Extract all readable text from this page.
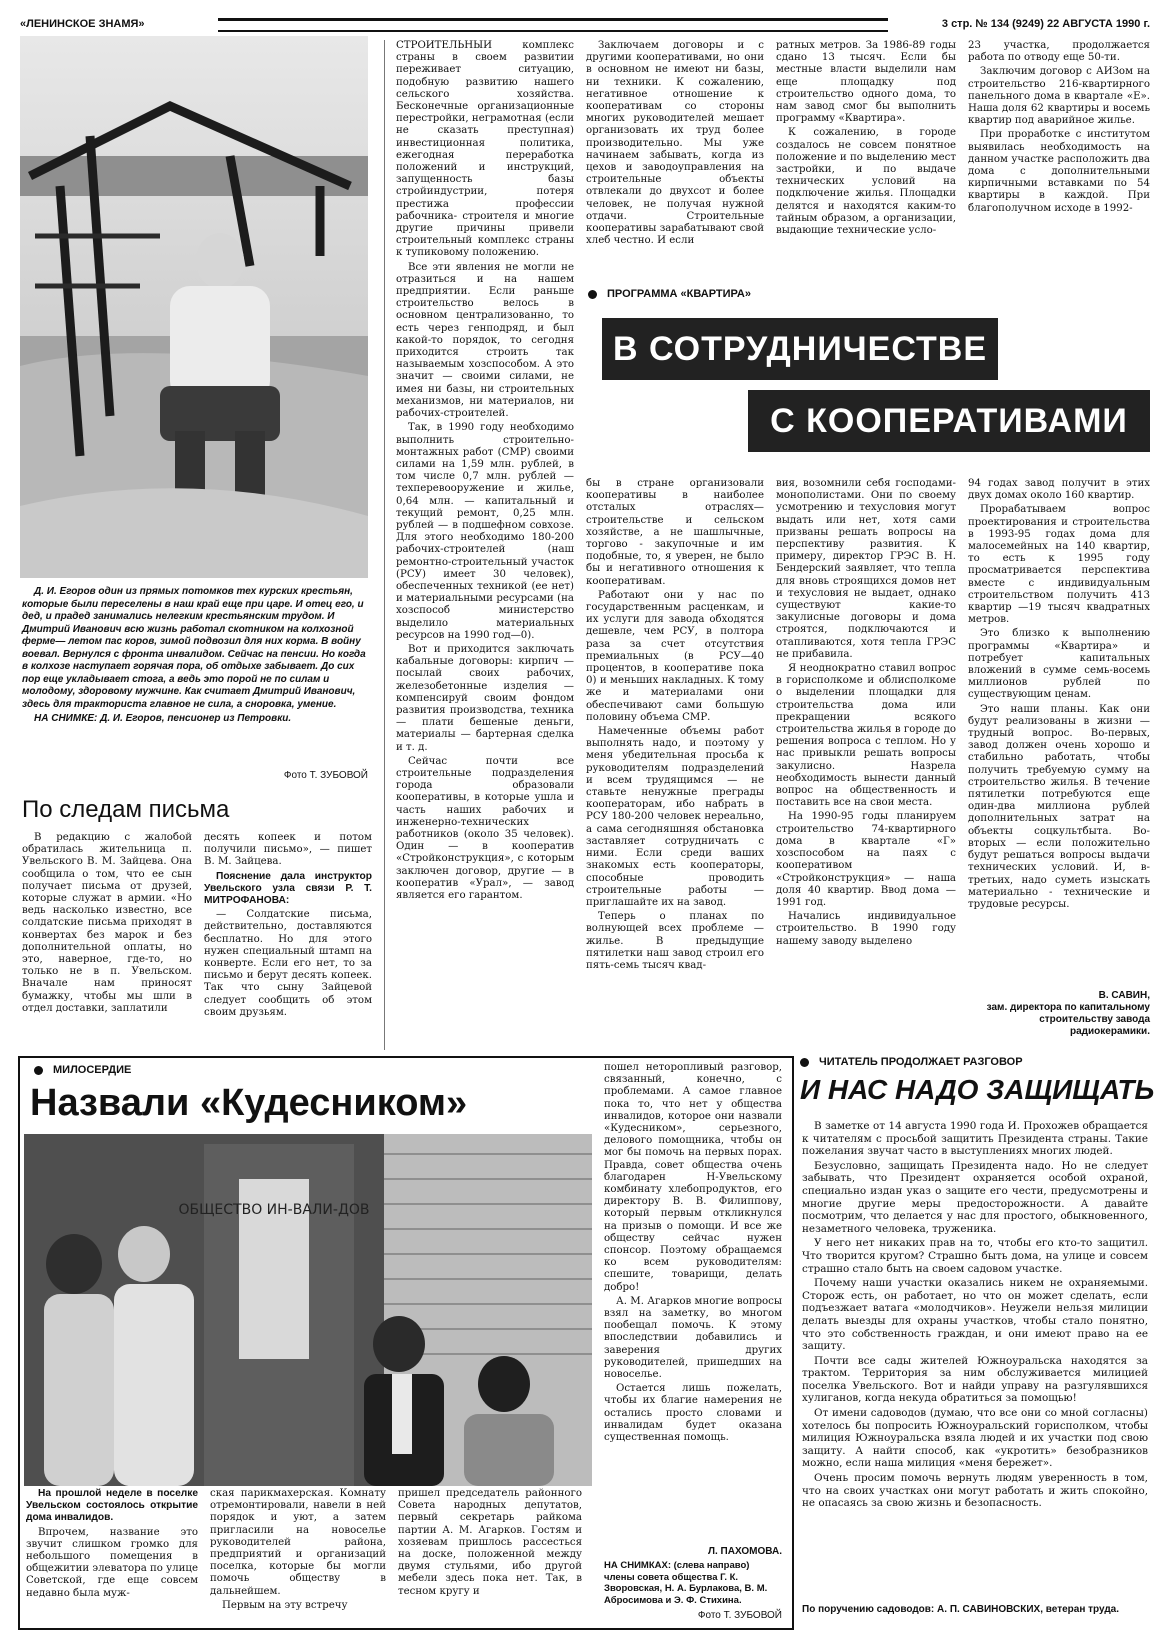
«ЛЕНИНСКОЕ ЗНАМЯ»	3 стр. № 134 (9249) 22 АВГУСТА 1990 г.

Д. И. Егоров один из прямых потомков тех курских крестьян, которые были переселены в наш край еще при царе. И отец его, и дед, и прадед занимались нелегким крестьянским трудом. И Дмитрий Иванович всю жизнь работал скотником на колхозной ферме— летом пас коров, зимой подвозил для них корма. В войну воевал. Вернулся с фронта инвалидом. Сейчас на пенсии. Но когда в колхозе наступает горячая пора, об отдыхе забывает. До сих пор еще укладывает стога, а ведь это порой не по силам и молодому, здоровому мужчине. Как считает Дмитрий Иванович, здесь для тракториста главное не сила, а сноровка, умение.

НА СНИМКЕ: Д. И. Егоров, пенсионер из Петровки.

Фото Т. ЗУБОВОЙ
По следам письма

В редакцию с жалобой обратилась жительница п. Увельского В. М. Зайцева. Она сообщила о том, что ее сын получает письма от друзей, которые служат в армии. «Но ведь насколько известно, все солдатские письма приходят в конвертах без марок и без дополнительной оплаты, но это, наверное, где-то, но только не в п. Увельском. Вначале нам приносят бумажку, чтобы мы шли в отдел доставки, заплатили

десять копеек и потом получили письмо», — пишет В. М. Зайцева.

Пояснение дала инструктор Увельского узла связи Р. Т. МИТРОФАНОВА:

— Солдатские письма, действительно, доставляются бесплатно. Но для этого нужен специальный штамп на конверте. Если его нет, то за письмо и берут десять копеек. Так что сыну Зайцевой следует сообщить об этом своим друзьям.

СТРОИТЕЛЬНЫЙ комплекс страны в своем развитии переживает ситуацию, подобную развитию нашего сельского хозяйства. Бесконечные организационные перестройки, неграмотная (если не сказать преступная) инвестиционная политика, ежегодная переработка положений и инструкций, запущенность базы стройиндустрии, потеря престижа профессии рабочника- строителя и многие другие причины привели строительный комплекс страны к тупиковому положению.

Все эти явления не могли не отразиться и на нашем предприятии. Если раньше строительство велось в основном централизованно, то есть через генподряд, и был какой-то порядок, то сегодня приходится строить так называемым хозспособом. А это значит — своими силами, не имея ни базы, ни строительных механизмов, ни материалов, ни рабочих-строителей.

Так, в 1990 году необходимо выполнить строительно- монтажных работ (СМР) своими силами на 1,59 млн. рублей, в том числе 0,7 млн. рублей —техперевооружение и жилье, 0,64 млн. — капитальный и текущий ремонт, 0,25 млн. рублей — в подшефном совхозе. Для этого необходимо 180-200 рабочих-строителей (наш ремонтно-строительный участок (РСУ) имеет 30 человек), обеспеченных техникой (ее нет) и материальными ресурсами (на хозспособ министерство выделило материальных ресурсов на 1990 год—0).

Вот и приходится заключать кабальные договоры: кирпич — посылай своих рабочих, железобетонные изделия — компенсируй своим фондом развития производства, техника — плати бешеные деньги, материалы — бартерная сделка и т. д.

Сейчас почти все строительные подразделения города образовали кооперативы, в которые ушла и часть наших рабочих и инженерно-технических работников (около 35 человек). Один — в кооператив «Стройконструкция», с которым заключен договор, другие — в кооператив «Урал», — завод является его гарантом.

Заключаем договоры и с другими кооперативами, но они в основном не имеют ни базы, ни техники. К сожалению, негативное отношение к кооперативам со стороны многих руководителей мешает организовать их труд более производительно. Мы уже начинаем забывать, когда из цехов и заводоуправления на строительные объекты отвлекали до двухсот и более человек, не получая нужной отдачи. Строительные кооперативы зарабатывают свой хлеб честно. И если

ратных метров. За 1986-89 годы сдано 13 тысяч. Если бы местные власти выделили нам еще площадку под строительство одного дома, то нам завод смог бы выполнить программу «Квартира».

К сожалению, в городе создалось не совсем понятное положение и по выделению мест застройки, и по выдаче технических условий на подключение жилья. Площадки делятся и находятся каким-то тайным образом, а организации, выдающие технические усло-

23 участка, продолжается работа по отводу еще 50-ти.

Заключим договор с АИЗом на строительство 216-квартирного панельного дома в квартале «Е». Наша доля 62 квартиры и восемь квартир под аварийное жилье.

При проработке с институтом выявилась необходимость на данном участке расположить два дома с дополнительными кирпичными вставками по 54 квартиры в каждой. При благополучном исходе в 1992-

ПРОГРАММА «КВАРТИРА»
В СОТРУДНИЧЕСТВЕ
С КООПЕРАТИВАМИ

бы в стране организовали кооперативы в наиболее отсталых отраслях— строительстве и сельском хозяйстве, а не шашлычные, торгово - закупочные и им подобные, то, я уверен, не было бы и негативного отношения к кооперативам.

Работают они у нас по государственным расценкам, и их услуги для завода обходятся дешевле, чем РСУ, в полтора раза за счет отсутствия премиальных (в РСУ—40 процентов, в кооперативе пока 0) и меньших накладных. К тому же и материалами они обеспечивают сами большую половину объема СМР.

Намеченные объемы работ выполнять надо, и поэтому у меня убедительная просьба к руководителям подразделений и всем трудящимся — не ставьте ненужные преграды кооператорам, ибо набрать в РСУ 180-200 человек нереально, а сама сегодняшняя обстановка заставляет сотрудничать с ними. Если среди ваших знакомых есть кооператоры, способные проводить строительные работы — приглашайте их на завод.

Теперь о планах по волнующей всех проблеме — жилье. В предыдущие пятилетки наш завод строил его пять-семь тысяч квад-

вия, возомнили себя господами-монополистами. Они по своему усмотрению и техусловия могут выдать или нет, хотя сами призваны решать вопросы на перспективу развития. К примеру, директор ГРЭС В. Н. Бендерский заявляет, что тепла для вновь строящихся домов нет и техусловия не выдает, однако существуют какие-то закулисные договоры и дома строятся, подключаются и отапливаются, хотя тепла ГРЭС не прибавила.

Я неоднократно ставил вопрос в горисполкоме и облисполкоме о выделении площадки для строительства дома или прекращении всякого строительства жилья в городе до решения вопроса с теплом. Но у нас привыкли решать вопросы закулисно. Назрела необходимость вынести данный вопрос на общественность и поставить все на свои места.

На 1990-95 годы планируем строительство 74-квартирного дома в квартале «Г» хозспособом на паях с кооперативом «Стройконструкция» — наша доля 40 квартир. Ввод дома —1991 год.

Начались индивидуальное строительство. В 1990 году нашему заводу выделено

94 годах завод получит в этих двух домах около 160 квартир.

Прорабатываем вопрос проектирования и строительства в 1993-95 годах дома для малосемейных на 140 квартир, то есть к 1995 году просматривается перспектива вместе с индивидуальным строительством получить 413 квартир —19 тысяч квадратных метров.

Это близко к выполнению программы «Квартира» и потребует капитальных вложений в сумме семь-восемь миллионов рублей по существующим ценам.

Это наши планы. Как они будут реализованы в жизни — трудный вопрос. Во-первых, завод должен очень хорошо и стабильно работать, чтобы получить требуемую сумму на строительство жилья. В течение пятилетки потребуются еще один-два миллиона рублей дополнительных затрат на объекты соцкультбыта. Во-вторых — если положительно будут решаться вопросы выдачи технических условий. И, в-третьих, надо суметь изыскать материально - технические и трудовые ресурсы.

В. САВИН,
зам. директора по капитальному строительству завода радиокерамики.
МИЛОСЕРДИЕ
Назвали «Кудесником»
ОБЩЕСТВО ИН-ВАЛИ-ДОВ

На прошлой неделе в поселке Увельском состоялось открытие дома инвалидов.

Впрочем, название это звучит слишком громко для небольшого помещения в общежитии элеватора по улице Советской, где еще совсем недавно была муж-

ская парикмахерская. Комнату отремонтировали, навели в ней порядок и уют, а затем пригласили на новоселье руководителей района, предприятий и организаций поселка, которые бы могли помочь обществу в дальнейшем.

Первым на эту встречу

пришел председатель районного Совета народных депутатов, первый секретарь райкома партии А. М. Агарков. Гостям и хозяевам пришлось рассесться на доске, положенной между двумя стульями, ибо другой мебели здесь пока нет. Так, в тесном кругу и

пошел неторопливый разговор, связанный, конечно, с проблемами. А самое главное пока то, что нет у общества инвалидов, которое они назвали «Кудесником», серьезного, делового помощника, чтобы он мог бы помочь на первых порах. Правда, совет общества очень благодарен Н-Увельскому комбинату хлебопродуктов, его директору В. В. Филиппову, который первым откликнулся на призыв о помощи. И все же обществу сейчас нужен спонсор. Поэтому обращаемся ко всем руководителям: спешите, товарищи, делать добро!

А. М. Агарков многие вопросы взял на заметку, во многом пообещал помочь. К этому впоследствии добавились и заверения других руководителей, пришедших на новоселье.

Остается лишь пожелать, чтобы их благие намерения не остались просто словами и инвалидам будет оказана существенная помощь.

Л. ПАХОМОВА.
НА СНИМКАХ: (слева направо) члены совета общества Г. К. Зворовская, Н. А. Бурлакова, В. М. Абросимова и Э. Ф. Стихина.
Фото Т. ЗУБОВОЙ
ЧИТАТЕЛЬ ПРОДОЛЖАЕТ РАЗГОВОР
И НАС НАДО ЗАЩИЩАТЬ

В заметке от 14 августа 1990 года И. Прохожев обращается к читателям с просьбой защитить Президента страны. Такие пожелания звучат часто в выступлениях многих людей.

Безусловно, защищать Президента надо. Но не следует забывать, что Президент охраняется особой охраной, специально издан указ о защите его чести, предусмотрены и многие другие меры предосторожности. А давайте посмотрим, что делается у нас для простого, обыкновенного, незаметного человека, труженика.

У него нет никаких прав на то, чтобы его кто-то защитил. Что творится кругом? Страшно быть дома, на улице и совсем страшно стало быть на своем садовом участке.

Почему наши участки оказались никем не охраняемыми. Сторож есть, он работает, но что он может сделать, если подъезжает ватага «молодчиков». Неужели нельзя милиции делать выезды для охраны участков, чтобы стало понятно, что это собственность граждан, и они имеют право на ее защиту.

Почти все сады жителей Южноуральска находятся за трактом. Территория за ним обслуживается милицией поселка Увельского. Вот и найди управу на разгулявшихся хулиганов, когда некуда обратиться за помощью!

От имени садоводов (думаю, что все они со мной согласны) хотелось бы попросить Южноуральский горисполком, чтобы милиция Южноуральска взяла людей и их участки под свою защиту. А найти способ, как «укротить» безобразников можно, если наша милиция «меня бережет».

Очень просим помочь вернуть людям уверенность в том, что на своих участках они могут работать и жить спокойно, не опасаясь за свою жизнь и безопасность.

По поручению садоводов: А. П. САВИНОВСКИХ, ветеран труда.
